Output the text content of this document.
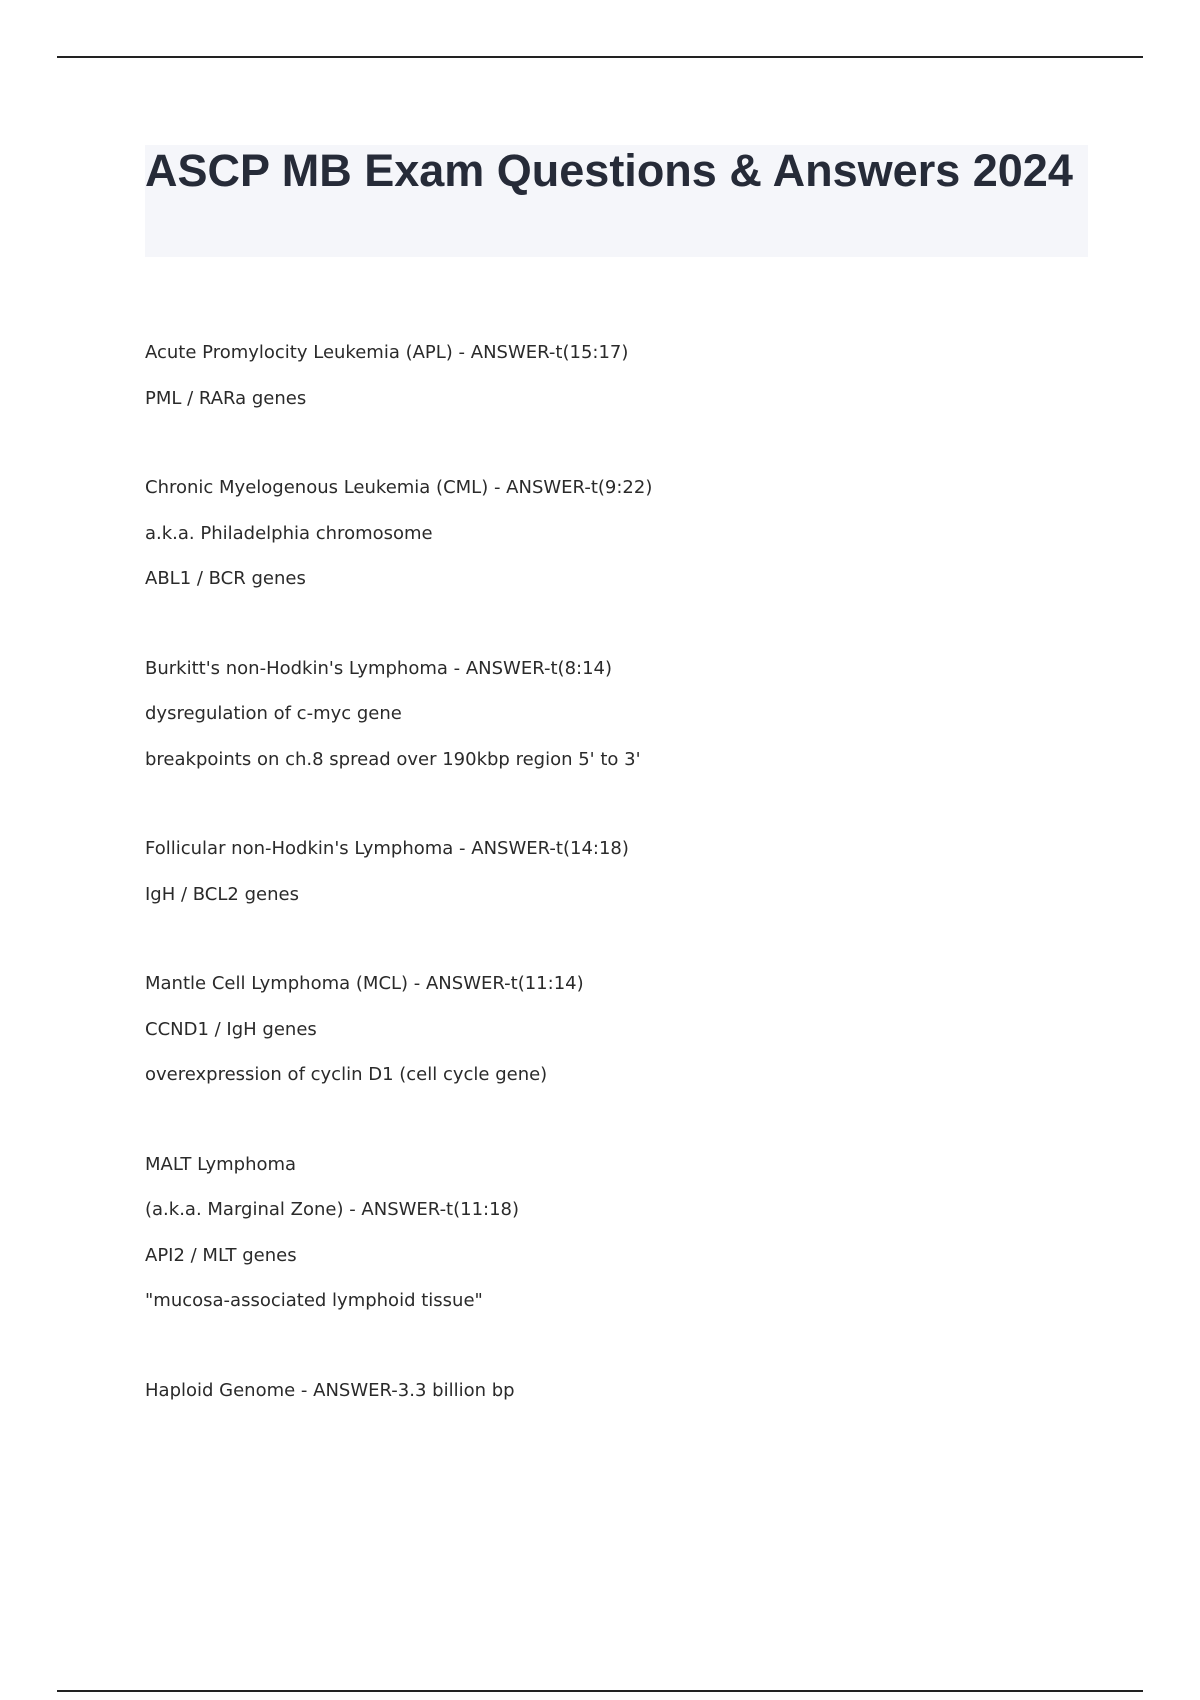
ASCP MB Exam Questions & Answers 2024
Acute Promylocity Leukemia (APL) - ANSWER-t(15:17)
PML / RARa genes
Chronic Myelogenous Leukemia (CML) - ANSWER-t(9:22)
a.k.a. Philadelphia chromosome
ABL1 / BCR genes
Burkitt's non-Hodkin's Lymphoma - ANSWER-t(8:14)
dysregulation of c-myc gene
breakpoints on ch.8 spread over 190kbp region 5' to 3'
Follicular non-Hodkin's Lymphoma - ANSWER-t(14:18)
IgH / BCL2 genes
Mantle Cell Lymphoma (MCL) - ANSWER-t(11:14)
CCND1 / IgH genes
overexpression of cyclin D1 (cell cycle gene)
MALT Lymphoma
(a.k.a. Marginal Zone) - ANSWER-t(11:18)
API2 / MLT genes
"mucosa-associated lymphoid tissue"
Haploid Genome - ANSWER-3.3 billion bp
